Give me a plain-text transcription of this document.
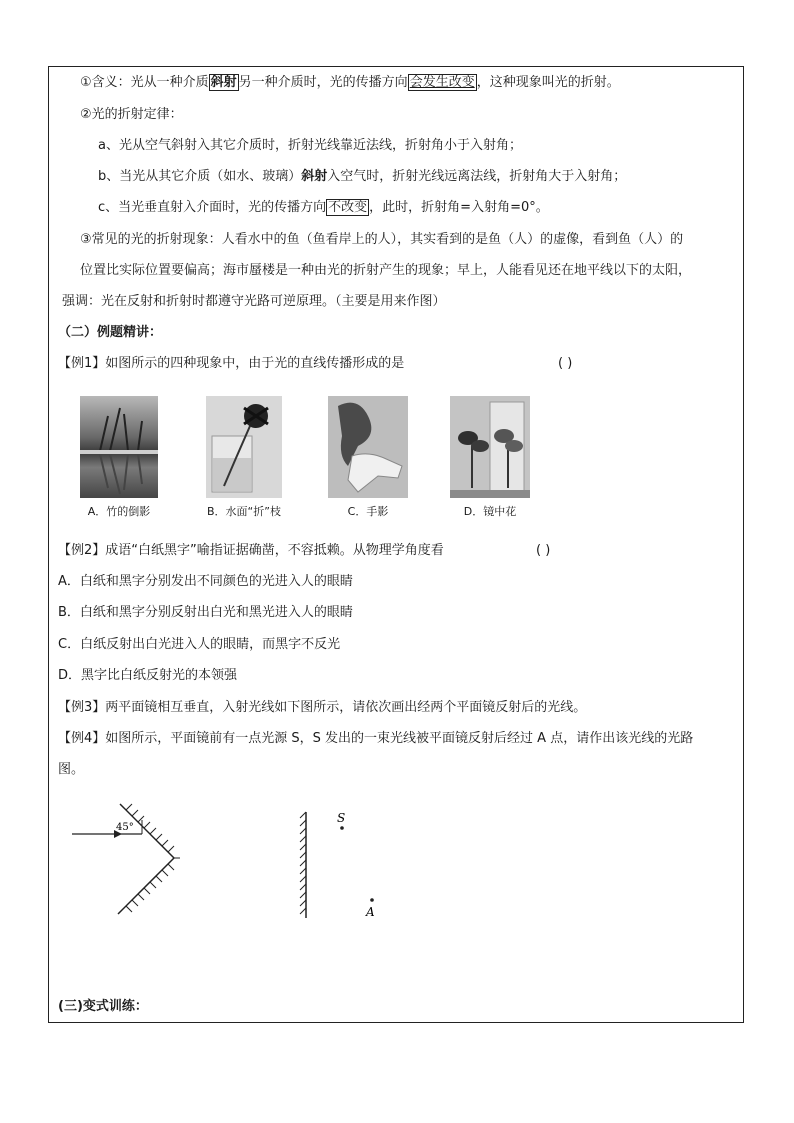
①含义：光从一种介质 斜射 另一种介质时，光的传播方向 会发生改变 ，这种现象叫光的折射。
②光的折射定律：
a、光从空气斜射入其它介质时，折射光线靠近法线，折射角小于入射角；
b、当光从其它介质（如水、玻璃）斜射入空气时，折射光线远离法线，折射角大于入射角；
c、当光垂直射入介面时，光的传播方向 不改变 ，此时，折射角=入射角=0°。
③常见的光的折射现象：人看水中的鱼（鱼看岸上的人），其实看到的是鱼（人）的虚像，看到鱼（人）的
位置比实际位置要偏高；海市蜃楼是一种由光的折射产生的现象；早上，人能看见还在地平线以下的太阳，
强调：光在反射和折射时都遵守光路可逆原理。（主要是用来作图）
（二）例题精讲：
【例1】如图所示的四种现象中，由于光的直线传播形成的是	( )
A．竹的倒影	B．水面“折”枝	C．手影	D．镜中花
【例2】成语“白纸黑字”喻指证据确凿，不容抵赖。从物理学角度看	( )
A．白纸和黑字分别发出不同颜色的光进入人的眼睛
B．白纸和黑字分别反射出白光和黑光进入人的眼睛
C．白纸反射出白光进入人的眼睛，而黑字不反光
D．黑字比白纸反射光的本领强
【例3】两平面镜相互垂直，入射光线如下图所示，请依次画出经两个平面镜反射后的光线。
【例4】如图所示，平面镜前有一点光源 S，S 发出的一束光线被平面镜反射后经过 A 点，请作出该光线的光路
图。
45°
S
A
(三)变式训练：
